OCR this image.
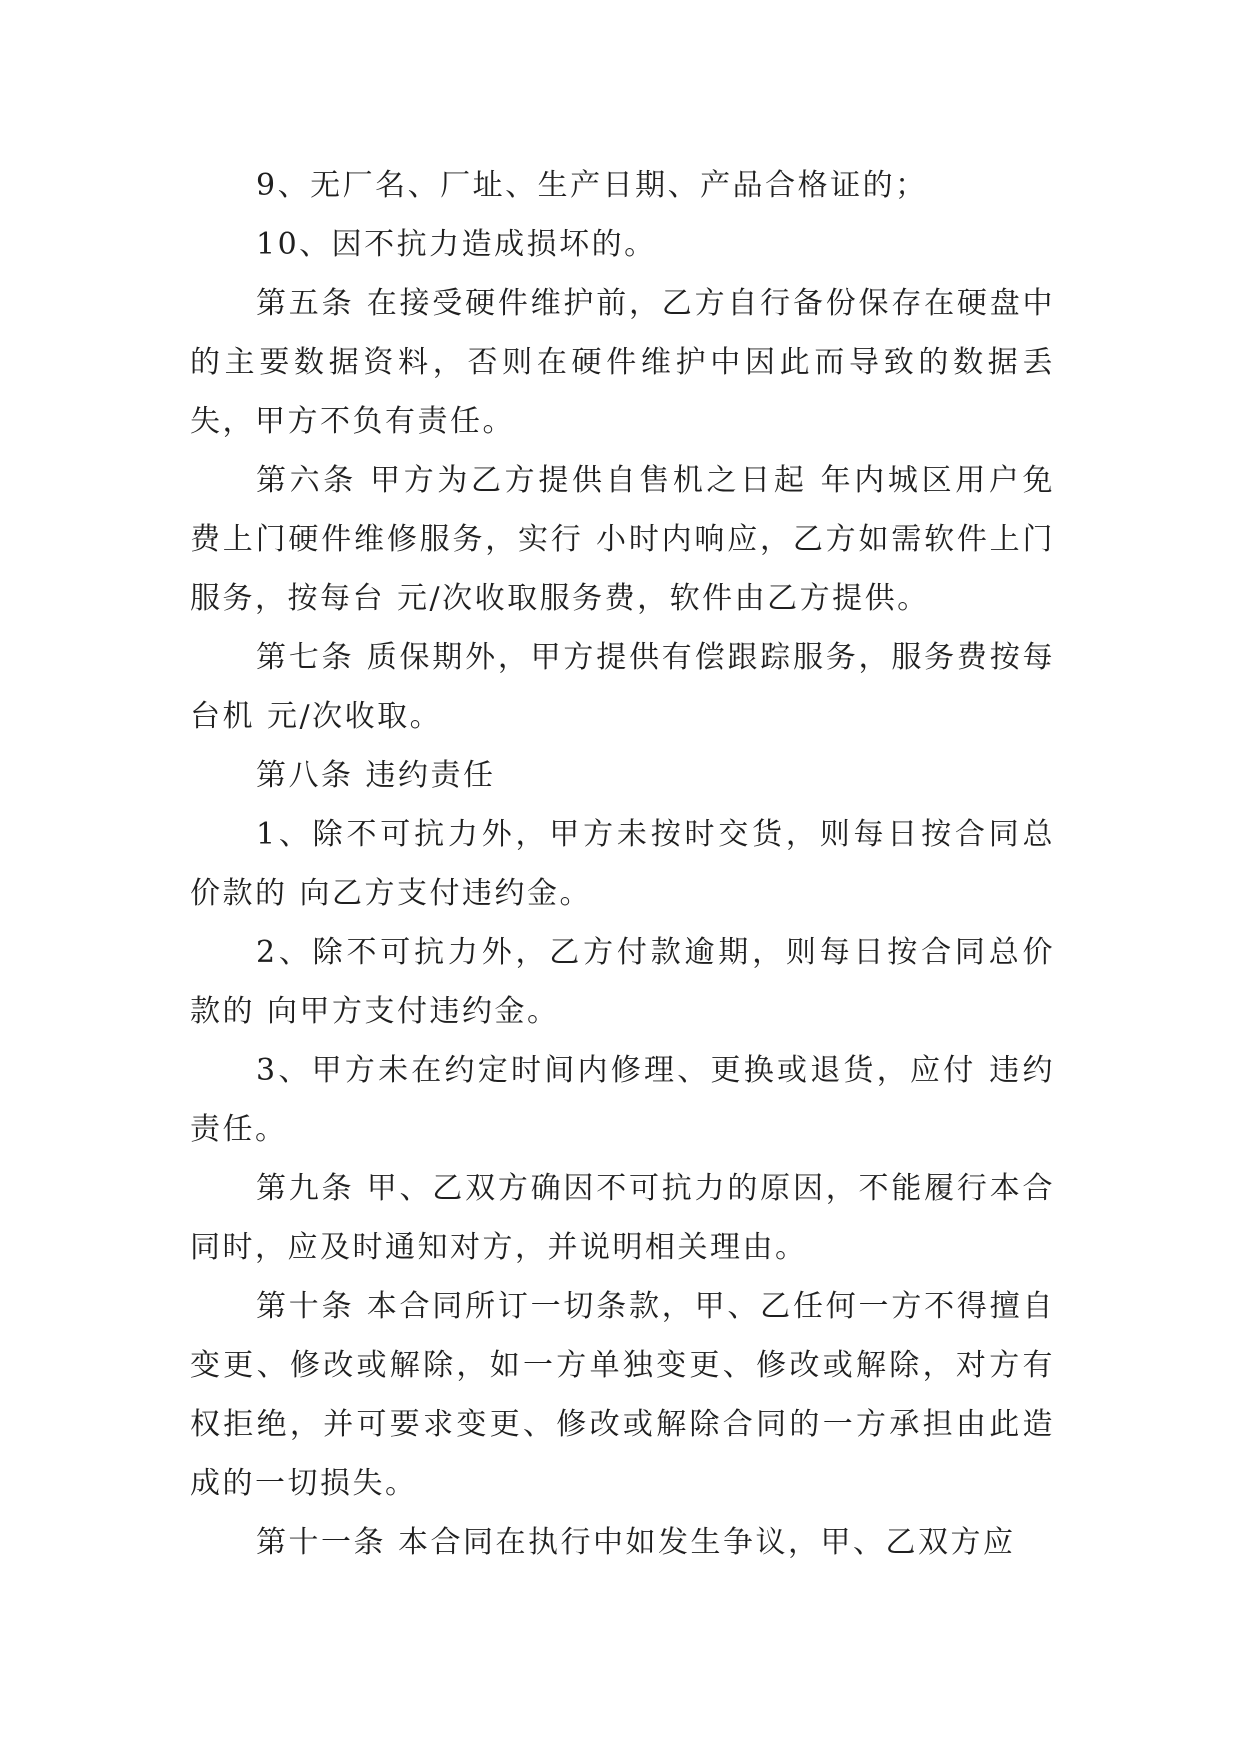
9、无厂名、厂址、生产日期、产品合格证的；

10、因不抗力造成损坏的。

第五条 在接受硬件维护前，乙方自行备份保存在硬盘中的主要数据资料，否则在硬件维护中因此而导致的数据丢失，甲方不负有责任。

第六条 甲方为乙方提供自售机之日起 年内城区用户免费上门硬件维修服务，实行 小时内响应，乙方如需软件上门服务，按每台 元/次收取服务费，软件由乙方提供。

第七条 质保期外，甲方提供有偿跟踪服务，服务费按每台机 元/次收取。

第八条 违约责任

1、除不可抗力外，甲方未按时交货，则每日按合同总价款的 向乙方支付违约金。

2、除不可抗力外，乙方付款逾期，则每日按合同总价款的 向甲方支付违约金。

3、甲方未在约定时间内修理、更换或退货，应付 违约责任。

第九条 甲、乙双方确因不可抗力的原因，不能履行本合同时，应及时通知对方，并说明相关理由。

第十条 本合同所订一切条款，甲、乙任何一方不得擅自变更、修改或解除，如一方单独变更、修改或解除，对方有权拒绝，并可要求变更、修改或解除合同的一方承担由此造成的一切损失。

第十一条 本合同在执行中如发生争议，甲、乙双方应
